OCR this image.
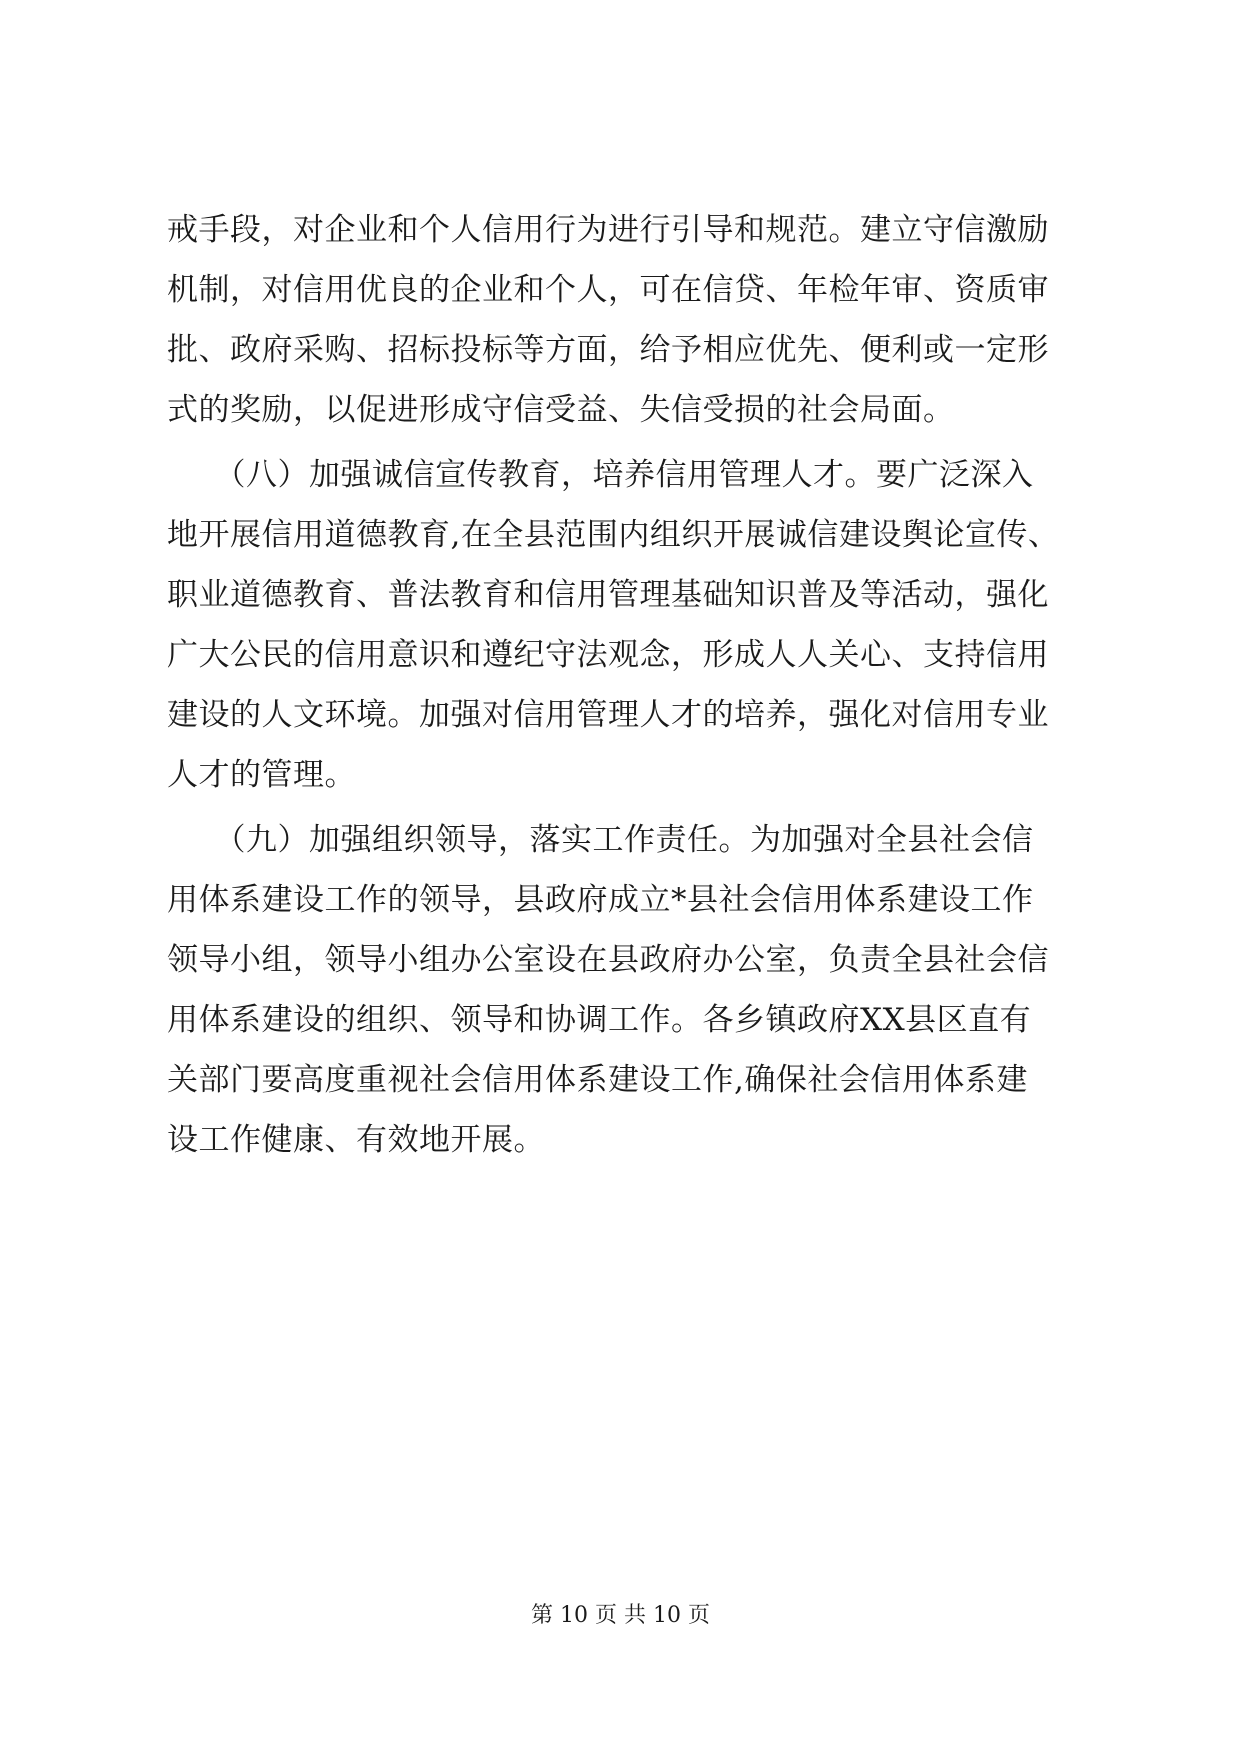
戒手段，对企业和个人信用行为进行引导和规范。建立守信激励
机制，对信用优良的企业和个人，可在信贷、年检年审、资质审
批、政府采购、招标投标等方面，给予相应优先、便利或一定形
式的奖励，以促进形成守信受益、失信受损的社会局面。
　　（八）加强诚信宣传教育，培养信用管理人才。要广泛深入
地开展信用道德教育,在全县范围内组织开展诚信建设舆论宣传、
职业道德教育、普法教育和信用管理基础知识普及等活动，强化
广大公民的信用意识和遵纪守法观念，形成人人关心、支持信用
建设的人文环境。加强对信用管理人才的培养，强化对信用专业
人才的管理。
　　（九）加强组织领导，落实工作责任。为加强对全县社会信
用体系建设工作的领导，县政府成立*县社会信用体系建设工作
领导小组，领导小组办公室设在县政府办公室，负责全县社会信
用体系建设的组织、领导和协调工作。各乡镇政府XX县区直有
关部门要高度重视社会信用体系建设工作,确保社会信用体系建
设工作健康、有效地开展。
第 10 页 共 10 页
